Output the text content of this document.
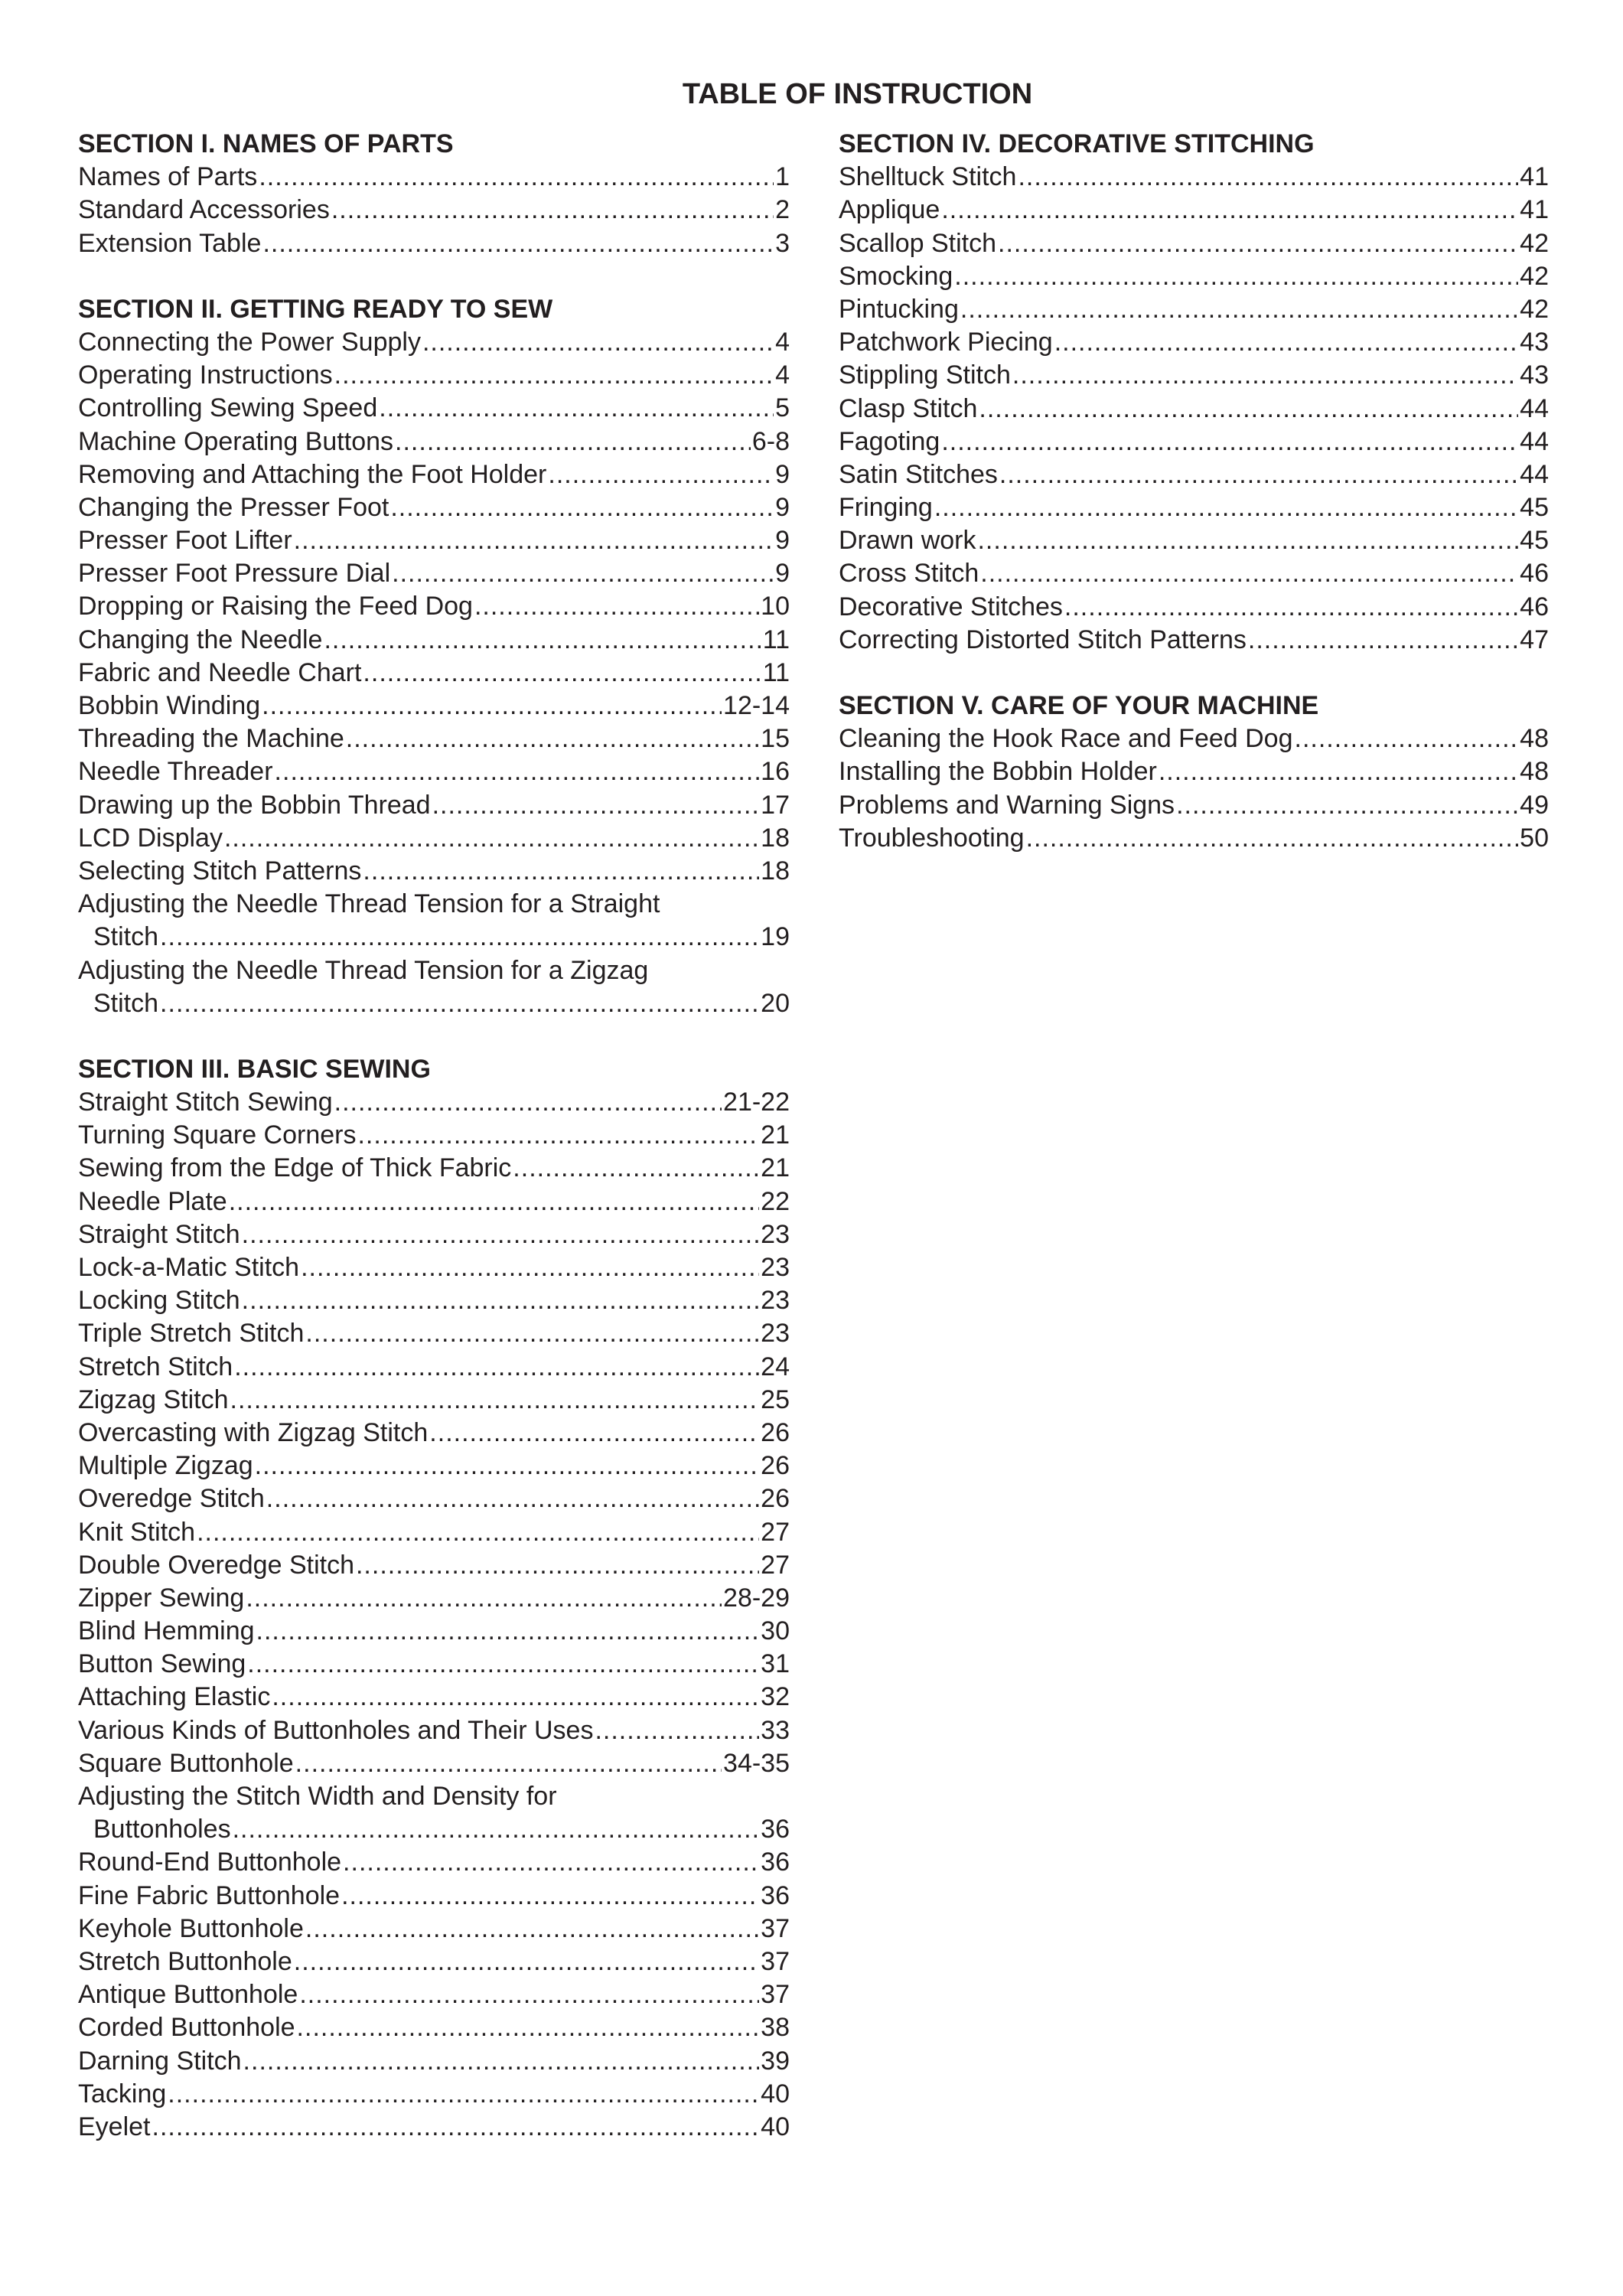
TABLE OF INSTRUCTION
SECTION I. NAMES OF PARTS
Names of Parts .....	1
Standard Accessories .....	2
Extension Table .....	3
SECTION II. GETTING READY TO SEW
Connecting the Power Supply .....	4
Operating Instructions .....	4
Controlling Sewing Speed .....	5
Machine Operating Buttons .....	6-8
Removing and Attaching the Foot Holder .....	9
Changing the Presser Foot .....	9
Presser Foot Lifter .....	9
Presser Foot Pressure Dial .....	9
Dropping or Raising the Feed Dog .....	10
Changing the Needle .....	11
Fabric and Needle Chart .....	11
Bobbin Winding .....	12-14
Threading the Machine .....	15
Needle Threader .....	16
Drawing up the Bobbin Thread .....	17
LCD Display .....	18
Selecting Stitch Patterns .....	18
Adjusting the Needle Thread Tension for a Straight
Stitch .....	19
Adjusting the Needle Thread Tension for a Zigzag
Stitch .....	20
SECTION III. BASIC SEWING
Straight Stitch Sewing .....	21-22
Turning Square Corners .....	21
Sewing from the Edge of Thick Fabric .....	21
Needle Plate .....	22
Straight Stitch .....	23
Lock-a-Matic Stitch .....	23
Locking Stitch .....	23
Triple Stretch Stitch .....	23
Stretch Stitch .....	24
Zigzag Stitch .....	25
Overcasting with Zigzag Stitch .....	26
Multiple Zigzag .....	26
Overedge Stitch .....	26
Knit Stitch .....	27
Double Overedge Stitch .....	27
Zipper Sewing .....	28-29
Blind Hemming .....	30
Button Sewing .....	31
Attaching Elastic .....	32
Various Kinds of Buttonholes and Their Uses .....	33
Square Buttonhole .....	34-35
Adjusting the Stitch Width and Density for
Buttonholes .....	36
Round-End Buttonhole .....	36
Fine Fabric Buttonhole .....	36
Keyhole Buttonhole .....	37
Stretch Buttonhole .....	37
Antique Buttonhole .....	37
Corded Buttonhole .....	38
Darning Stitch .....	39
Tacking .....	40
Eyelet .....	40
SECTION IV. DECORATIVE STITCHING
Shelltuck Stitch .....	41
Applique .....	41
Scallop Stitch .....	42
Smocking .....	42
Pintucking .....	42
Patchwork Piecing .....	43
Stippling Stitch .....	43
Clasp Stitch .....	44
Fagoting .....	44
Satin Stitches .....	44
Fringing .....	45
Drawn work .....	45
Cross Stitch .....	46
Decorative Stitches .....	46
Correcting Distorted Stitch Patterns .....	47
SECTION V. CARE OF YOUR MACHINE
Cleaning the Hook Race and Feed Dog .....	48
Installing the Bobbin Holder .....	48
Problems and Warning Signs .....	49
Troubleshooting .....	50
